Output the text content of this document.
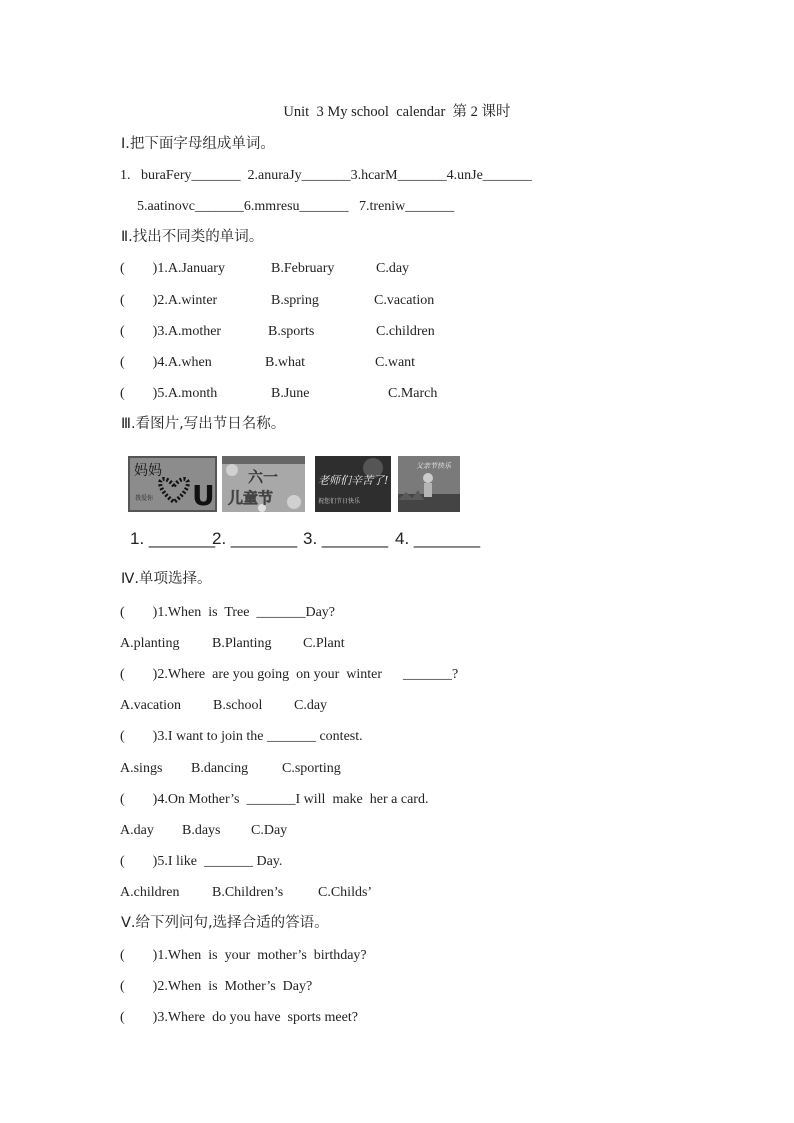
Unit  3 My school  calendar  第 2 课时
Ⅰ.把下面字母组成单词。
1.   buraFery_______  2.anuraJy_______3.hcarM_______4.unJe_______
5.aatinovc_______6.mmresu_______   7.treniw_______
Ⅱ.找出不同类的单词。

(        )1.A.January

	B.February

	C.day

(        )2.A.winter

	B.spring

	C.vacation

(        )3.A.mother

	B.sports

	C.children

(        )4.A.when

	B.what

	C.want

(        )5.A.month

	B.June

	C.March

Ⅲ.看图片,写出节日名称。
妈妈
我爱你 U
六一
儿童节
老师们辛苦了!
祝您们节日快乐
父亲节快乐

1. _______

2. _______

3. _______

4. _______

Ⅳ.单项选择。
(        )1.When  is  Tree  _______Day?

A.planting

B.Planting

C.Plant

(        )2.Where  are you going  on your  winter      _______?

A.vacation

B.school

C.day

(        )3.I want to join the _______ contest.

A.sings

B.dancing

C.sporting

(        )4.On Mother’s  _______I will  make  her a card.

A.day

B.days

C.Day

(        )5.I like  _______ Day.

A.children

B.Children’s

C.Childs’

Ⅴ.给下列问句,选择合适的答语。
(        )1.When  is  your  mother’s  birthday?
(        )2.When  is  Mother’s  Day?
(        )3.Where  do you have  sports meet?
